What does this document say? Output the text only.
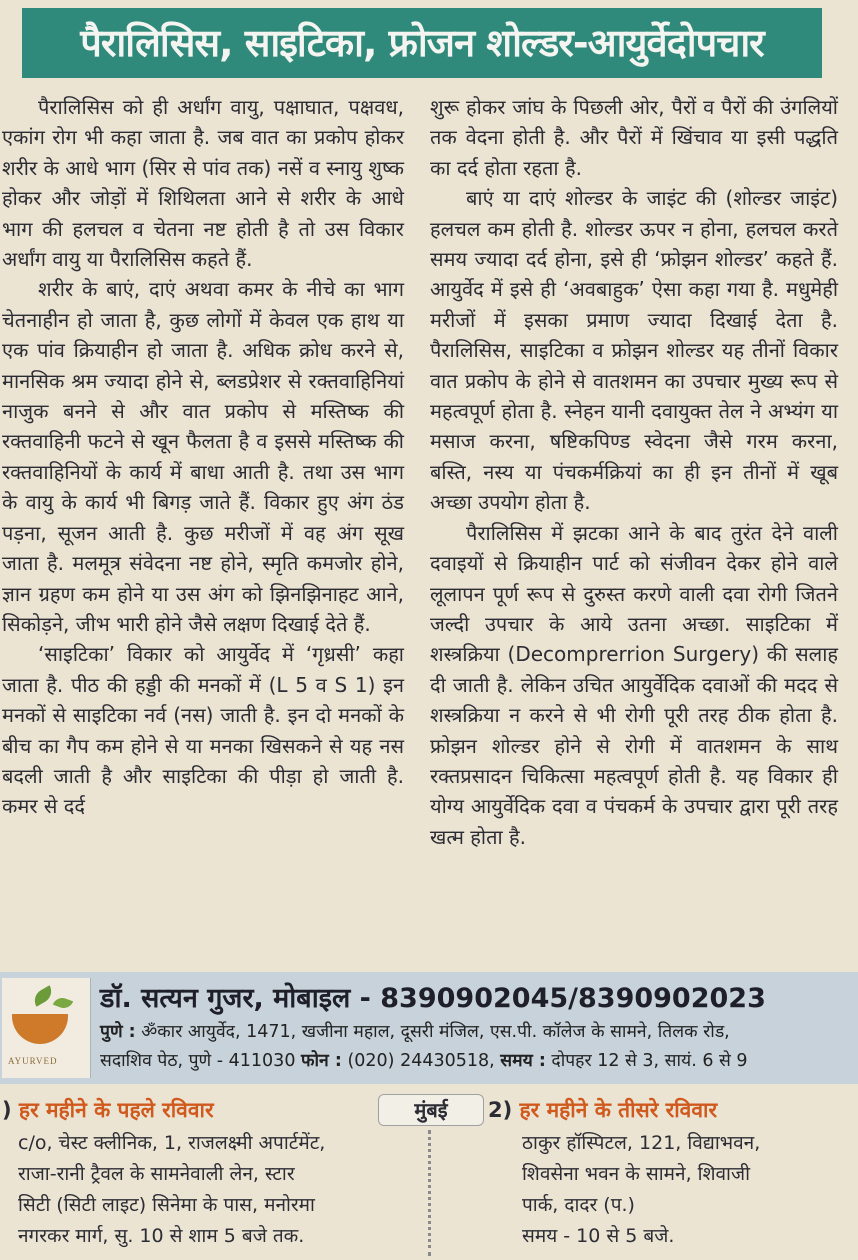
पैरालिसिस, साइटिका, फ्रोजन शोल्डर-आयुर्वेदोपचार

पैरालिसिस को ही अर्धांग वायु, पक्षाघात, पक्षवध, एकांग रोग भी कहा जाता है. जब वात का प्रकोप होकर शरीर के आधे भाग (सिर से पांव तक) नसें व स्नायु शुष्क होकर और जोड़ों में शिथिलता आने से शरीर के आधे भाग की हलचल व चेतना नष्ट होती है तो उस विकार अर्धांग वायु या पैरालिसिस कहते हैं.

शरीर के बाएं, दाएं अथवा कमर के नीचे का भाग चेतनाहीन हो जाता है, कुछ लोगों में केवल एक हाथ या एक पांव क्रियाहीन हो जाता है. अधिक क्रोध करने से, मानसिक श्रम ज्यादा होने से, ब्लडप्रेशर से रक्तवाहिनियां नाजुक बनने से और वात प्रकोप से मस्तिष्क की रक्तवाहिनी फटने से खून फैलता है व इससे मस्तिष्क की रक्तवाहिनियों के कार्य में बाधा आती है. तथा उस भाग के वायु के कार्य भी बिगड़ जाते हैं. विकार हुए अंग ठंड पड़ना, सूजन आती है. कुछ मरीजों में वह अंग सूख जाता है. मलमूत्र संवेदना नष्ट होने, स्मृति कमजोर होने, ज्ञान ग्रहण कम होने या उस अंग को झिनझिनाहट आने, सिकोड़ने, जीभ भारी होने जैसे लक्षण दिखाई देते हैं.

‘साइटिका’ विकार को आयुर्वेद में ‘गृध्रसी’ कहा जाता है. पीठ की हड्डी की मनकों में (L 5 व S 1) इन मनकों से साइटिका नर्व (नस) जाती है. इन दो मनकों के बीच का गैप कम होने से या मनका खिसकने से यह नस बदली जाती है और साइटिका की पीड़ा हो जाती है. कमर से दर्द

शुरू होकर जांघ के पिछली ओर, पैरों व पैरों की उंगलियों तक वेदना होती है. और पैरों में खिंचाव या इसी पद्धति का दर्द होता रहता है.

बाएं या दाएं शोल्डर के जाइंट की (शोल्डर जाइंट) हलचल कम होती है. शोल्डर ऊपर न होना, हलचल करते समय ज्यादा दर्द होना, इसे ही ‘फ्रोझन शोल्डर’ कहते हैं. आयुर्वेद में इसे ही ‘अवबाहुक’ ऐसा कहा गया है. मधुमेही मरीजों में इसका प्रमाण ज्यादा दिखाई देता है. पैरालिसिस, साइटिका व फ्रोझन शोल्डर यह तीनों विकार वात प्रकोप के होने से वातशमन का उपचार मुख्य रूप से महत्वपूर्ण होता है. स्नेहन यानी दवायुक्त तेल ने अभ्यंग या मसाज करना, षष्टिकपिण्ड स्वेदना जैसे गरम करना, बस्ति, नस्य या पंचकर्मक्रियां का ही इन तीनों में खूब अच्छा उपयोग होता है.

पैरालिसिस में झटका आने के बाद तुरंत देने वाली दवाइयों से क्रियाहीन पार्ट को संजीवन देकर होने वाले लूलापन पूर्ण रूप से दुरुस्त करणे वाली दवा रोगी जितने जल्दी उपचार के आये उतना अच्छा. साइटिका में शस्त्रक्रिया (Decomprerrion Surgery) की सलाह दी जाती है. लेकिन उचित आयुर्वेदिक दवाओं की मदद से शस्त्रक्रिया न करने से भी रोगी पूरी तरह ठीक होता है. फ्रोझन शोल्डर होने से रोगी में वातशमन के साथ रक्तप्रसादन चिकित्सा महत्वपूर्ण होती है. यह विकार ही योग्य आयुर्वेदिक दवा व पंचकर्म के उपचार द्वारा पूरी तरह खत्म होता है.

AYURVED
डॉ. सत्यन गुजर, मोबाइल - 8390902045/8390902023
पुणे : ॐकार आयुर्वेद, 1471, खजीना महाल, दूसरी मंजिल, एस.पी. कॉलेज के सामने, तिलक रोड,
सदाशिव पेठ, पुणे - 411030 फोन : (020) 24430518, समय : दोपहर 12 से 3, सायं. 6 से 9
) हर महीने के पहले रविवार	मुंबई	2) हर महीने के तीसरे रविवार
c/o, चेस्ट क्लीनिक, 1, राजलक्ष्मी अपार्टमेंट,
राजा-रानी ट्रैवल के सामनेवाली लेन, स्टार
सिटी (सिटी लाइट) सिनेमा के पास, मनोरमा
नगरकर मार्ग, सु. 10 से शाम 5 बजे तक.
ठाकुर हॉस्पिटल, 121, विद्याभवन,
शिवसेना भवन के सामने, शिवाजी
पार्क, दादर (प.)
समय - 10 से 5 बजे.
